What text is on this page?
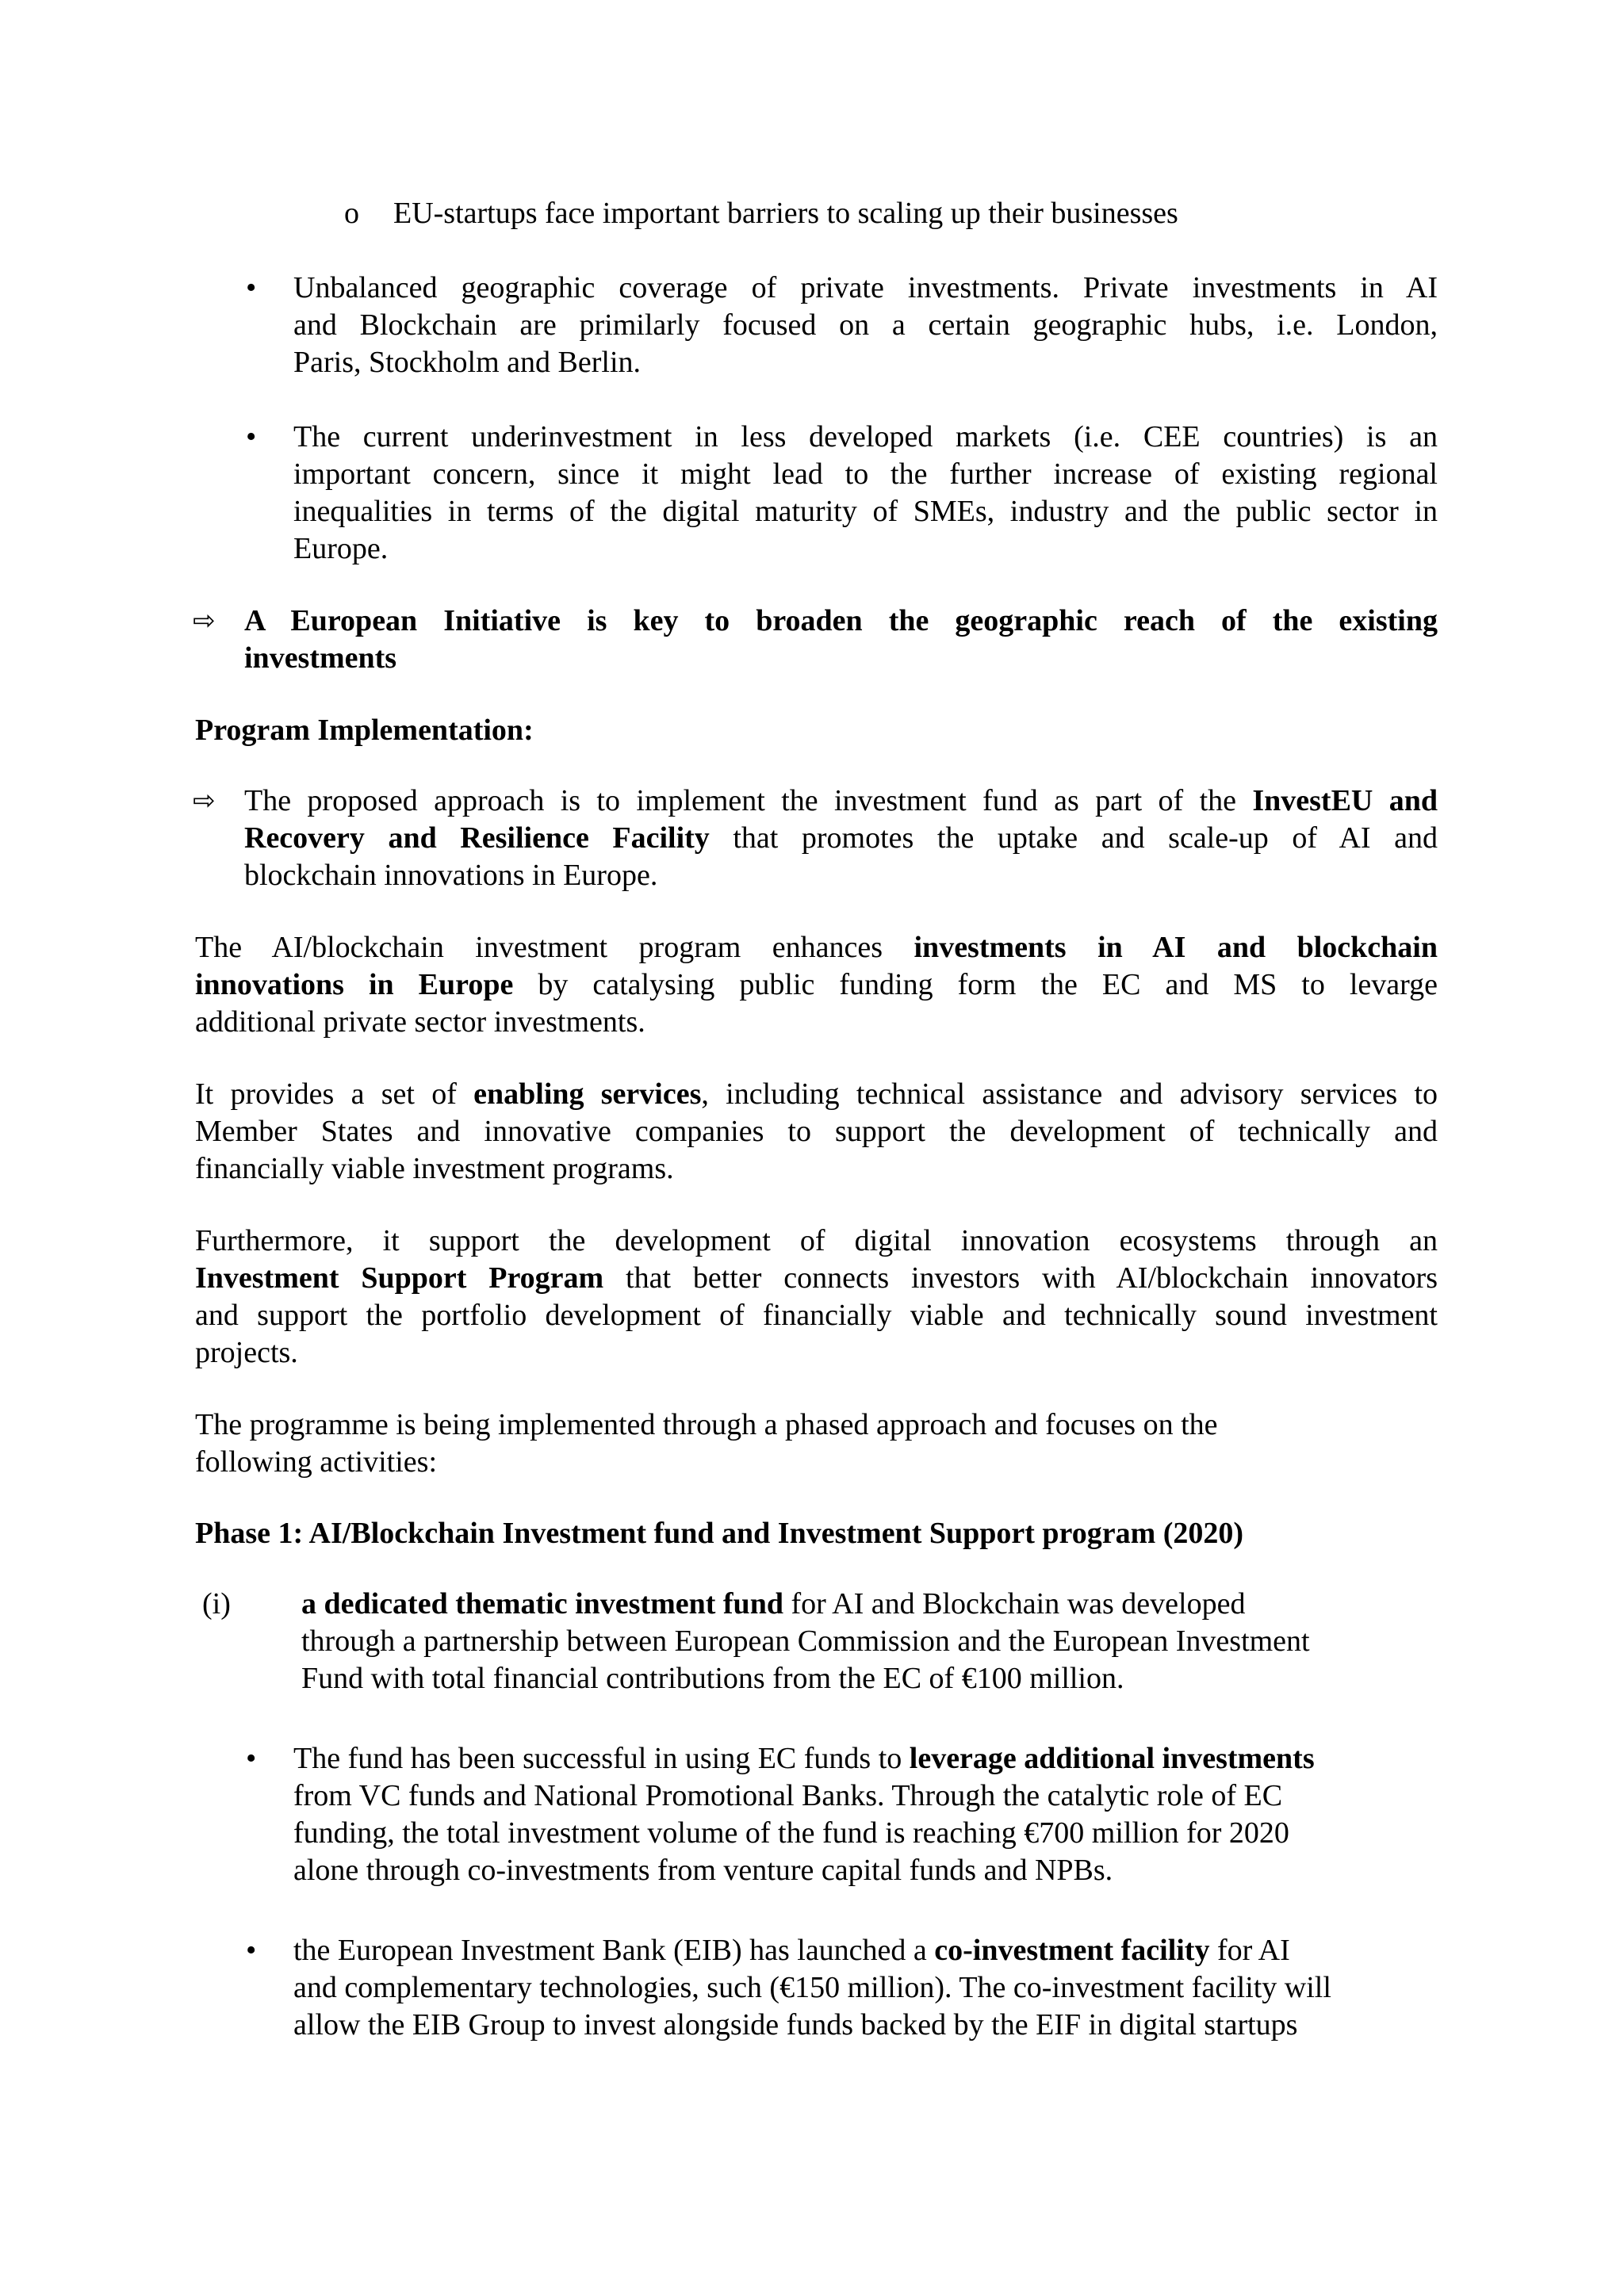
o EU-startups face important barriers to scaling up their businesses

• Unbalanced geographic coverage of private investments. Private investments in AI

and Blockchain are primilarly focused on a certain geographic hubs, i.e. London,

Paris, Stockholm and Berlin.

• The current underinvestment in less developed markets (i.e. CEE countries) is an

important concern, since it might lead to the further increase of existing regional

inequalities in terms of the digital maturity of SMEs, industry and the public sector in

Europe.

⇨ A European Initiative is key to broaden the geographic reach of the existing

investments

Program Implementation:

⇨ The proposed approach is to implement the investment fund as part of the InvestEU and

Recovery and Resilience Facility that promotes the uptake and scale-up of AI and

blockchain innovations in Europe.

The AI/blockchain investment program enhances investments in AI and blockchain

innovations in Europe by catalysing public funding form the EC and MS to levarge

additional private sector investments.

It provides a set of enabling services, including technical assistance and advisory services to

Member States and innovative companies to support the development of technically and

financially viable investment programs.

Furthermore, it support the development of digital innovation ecosystems through an

Investment Support Program that better connects investors with AI/blockchain innovators

and support the portfolio development of financially viable and technically sound investment

projects.

The programme is being implemented through a phased approach and focuses on the

following activities:

Phase 1: AI/Blockchain Investment fund and Investment Support program (2020)

(i) a dedicated thematic investment fund for AI and Blockchain was developed

through a partnership between European Commission and the European Investment

Fund with total financial contributions from the EC of €100 million.

• The fund has been successful in using EC funds to leverage additional investments

from VC funds and National Promotional Banks. Through the catalytic role of EC

funding, the total investment volume of the fund is reaching €700 million for 2020

alone through co-investments from venture capital funds and NPBs.

• the European Investment Bank (EIB) has launched a co-investment facility for AI

and complementary technologies, such (€150 million). The co-investment facility will

allow the EIB Group to invest alongside funds backed by the EIF in digital startups
